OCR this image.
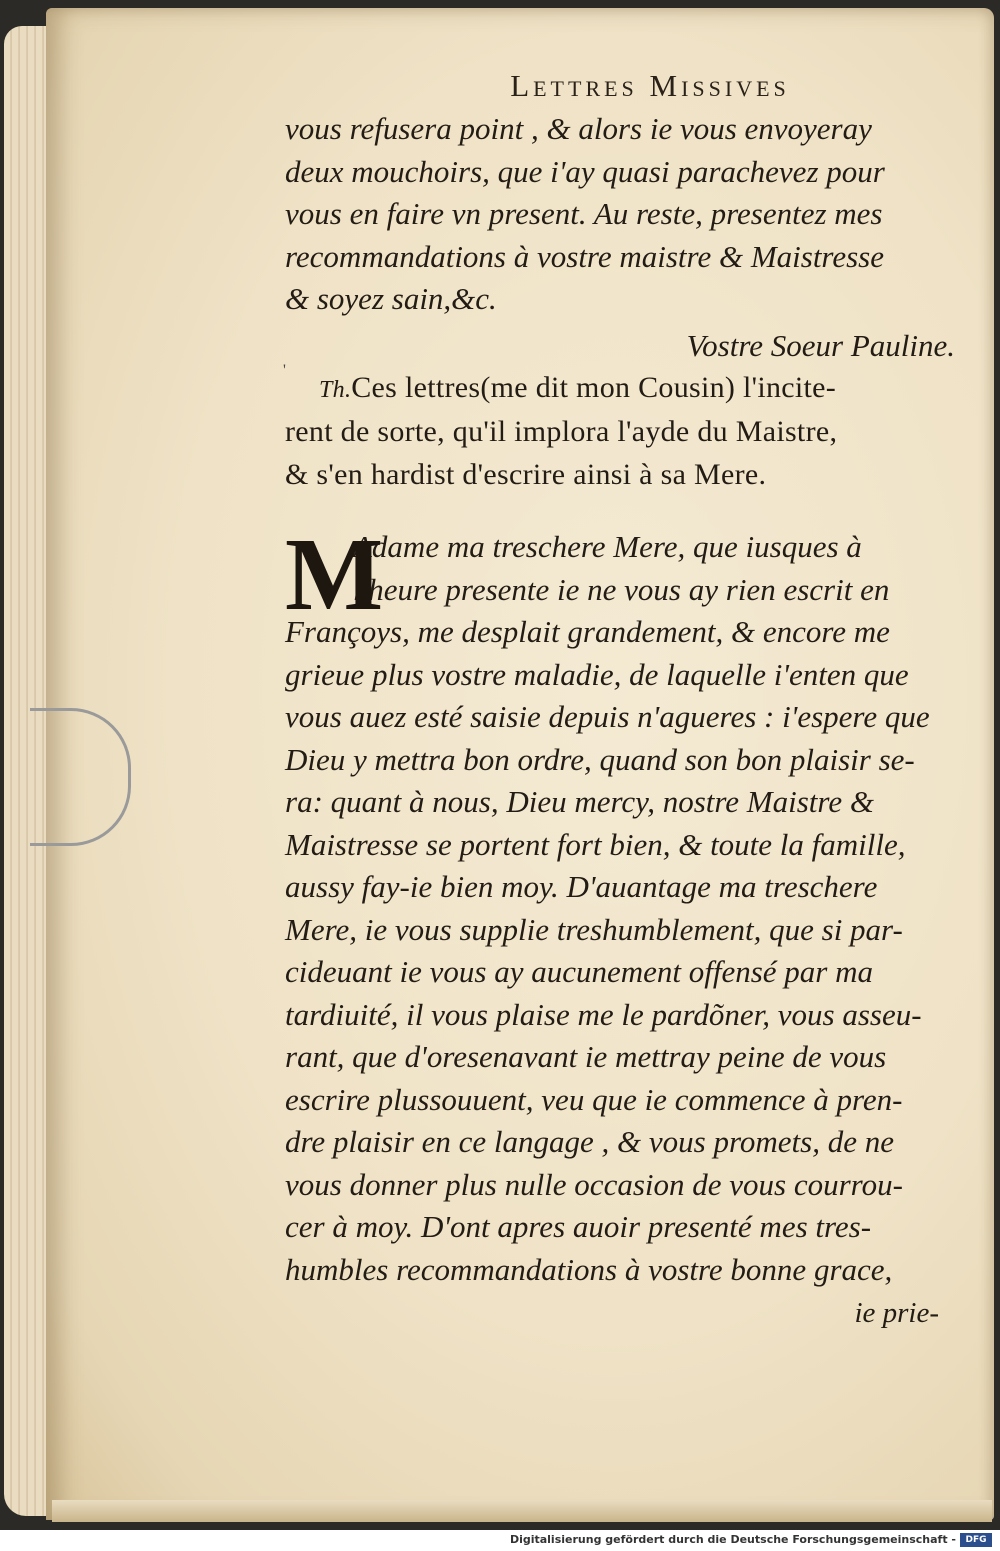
'
Lettres Missives
vous refusera point , & alors ie vous envoyeray
deux mouchoirs, que i'ay quasi parachevez pour
vous en faire vn present. Au reste, presentez mes
recommandations à vostre maistre & Maistresse
& soyez sain,&c.
Vostre Soeur Pauline.
Th.Ces lettres(me dit mon Cousin) l'incite-
rent de sorte, qu'il implora l'ayde du Maistre,
& s'en hardist d'escrire ainsi à sa Mere.
M
Adame ma treschere Mere, que iusques à
l'heure presente ie ne vous ay rien escrit en
Françoys, me desplait grandement, & encore me
grieue plus vostre maladie, de laquelle i'enten que
vous auez esté saisie depuis n'agueres : i'espere que
Dieu y mettra bon ordre, quand son bon plaisir se-
ra: quant à nous, Dieu mercy, nostre Maistre &
Maistresse se portent fort bien, & toute la famille,
aussy fay-ie bien moy. D'auantage ma treschere
Mere, ie vous supplie treshumblement, que si par-
cideuant ie vous ay aucunement offensé par ma
tardiuité, il vous plaise me le pardõner, vous asseu-
rant, que d'oresenavant ie mettray peine de vous
escrire plussouuent, veu que ie commence à pren-
dre plaisir en ce langage , & vous promets, de ne
vous donner plus nulle occasion de vous courrou-
cer à moy. D'ont apres auoir presenté mes tres-
humbles recommandations à vostre bonne grace,
ie prie-
Digitalisierung gefördert durch die Deutsche Forschungsgemeinschaft -	DFG
